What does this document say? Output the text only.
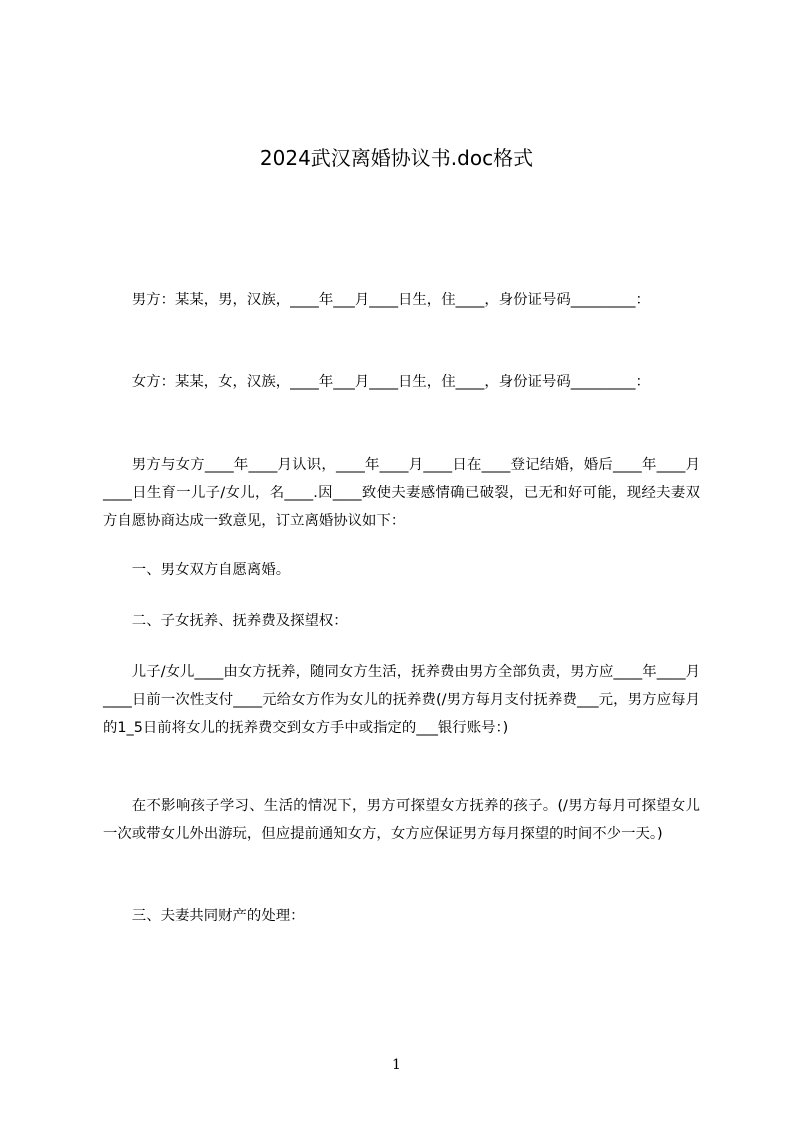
2024武汉离婚协议书.doc格式

男方：某某，男，汉族，____年___月____日生，住____，身份证号码_________：

女方：某某，女，汉族，____年___月____日生，住____，身份证号码_________：

男方与女方____年____月认识，____年____月____日在____登记结婚，婚后____年____月____日生育一儿子/女儿，名____.因____致使夫妻感情确已破裂，已无和好可能，现经夫妻双方自愿协商达成一致意见，订立离婚协议如下：

一、男女双方自愿离婚。

二、子女抚养、抚养费及探望权：

儿子/女儿____由女方抚养，随同女方生活，抚养费由男方全部负责，男方应____年____月____日前一次性支付____元给女方作为女儿的抚养费(/男方每月支付抚养费___元，男方应每月的1_5日前将女儿的抚养费交到女方手中或指定的___银行账号：)

在不影响孩子学习、生活的情况下，男方可探望女方抚养的孩子。(/男方每月可探望女儿一次或带女儿外出游玩，但应提前通知女方，女方应保证男方每月探望的时间不少一天。)

三、夫妻共同财产的处理：

1
